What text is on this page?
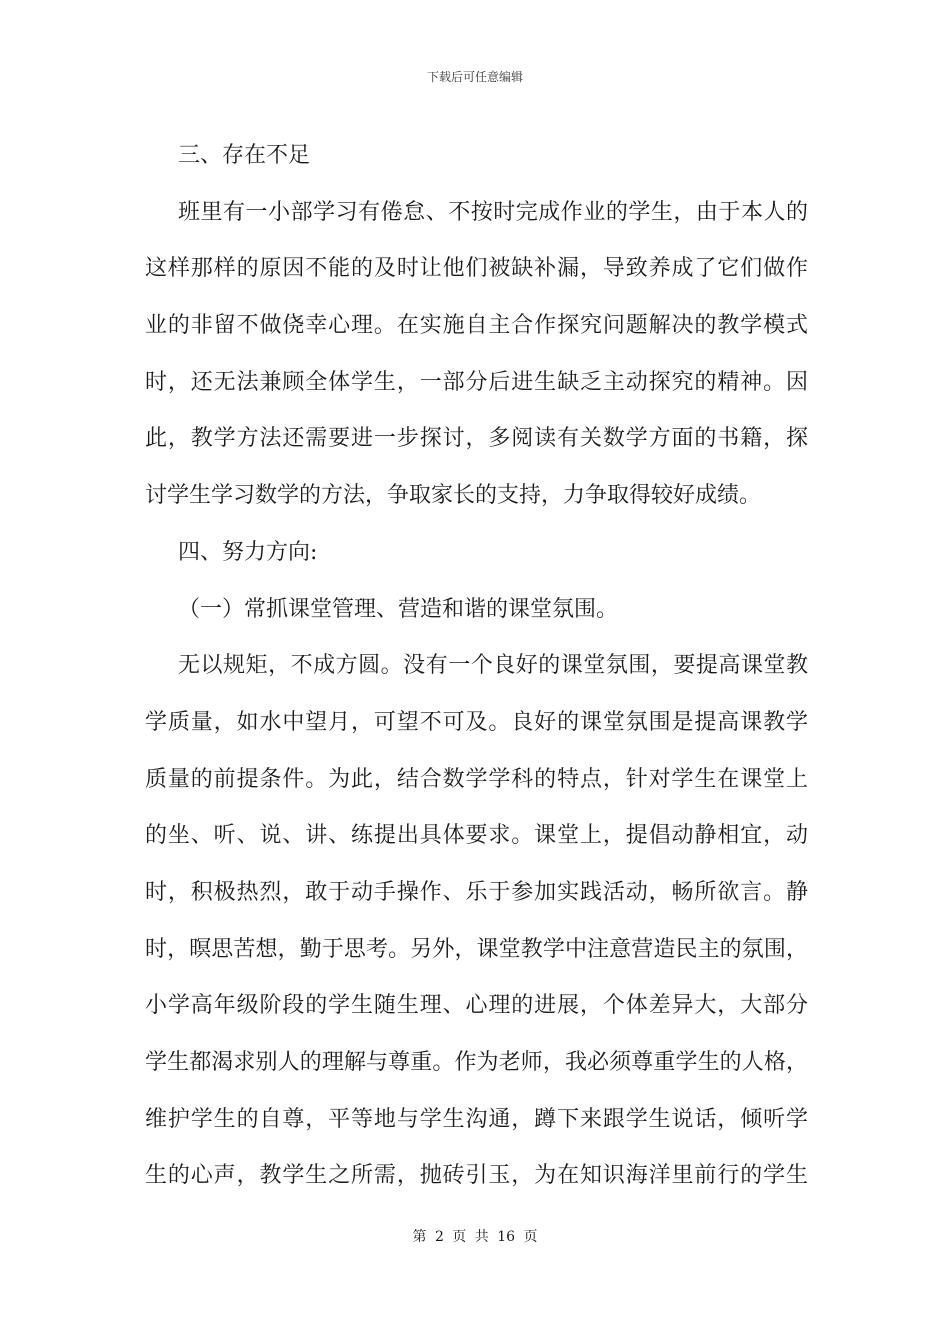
下载后可任意编辑
三、存在不足
班里有一小部学习有倦怠、不按时完成作业的学生，由于本人的
这样那样的原因不能的及时让他们被缺补漏，导致养成了它们做作
业的非留不做侥幸心理。在实施自主合作探究问题解决的教学模式
时，还无法兼顾全体学生，一部分后进生缺乏主动探究的精神。因
此，教学方法还需要进一步探讨，多阅读有关数学方面的书籍，探
讨学生学习数学的方法，争取家长的支持，力争取得较好成绩。
四、努力方向:
（一）常抓课堂管理、营造和谐的课堂氛围。
无以规矩，不成方圆。没有一个良好的课堂氛围，要提高课堂教
学质量，如水中望月，可望不可及。良好的课堂氛围是提高课教学
质量的前提条件。为此，结合数学学科的特点，针对学生在课堂上
的坐、听、说、讲、练提出具体要求。课堂上，提倡动静相宜，动
时，积极热烈，敢于动手操作、乐于参加实践活动，畅所欲言。静
时，暝思苦想，勤于思考。另外，课堂教学中注意营造民主的氛围，
小学高年级阶段的学生随生理、心理的进展，个体差异大，大部分
学生都渴求别人的理解与尊重。作为老师，我必须尊重学生的人格，
维护学生的自尊，平等地与学生沟通，蹲下来跟学生说话，倾听学
生的心声，教学生之所需，抛砖引玉，为在知识海洋里前行的学生
第 2 页 共 16 页
